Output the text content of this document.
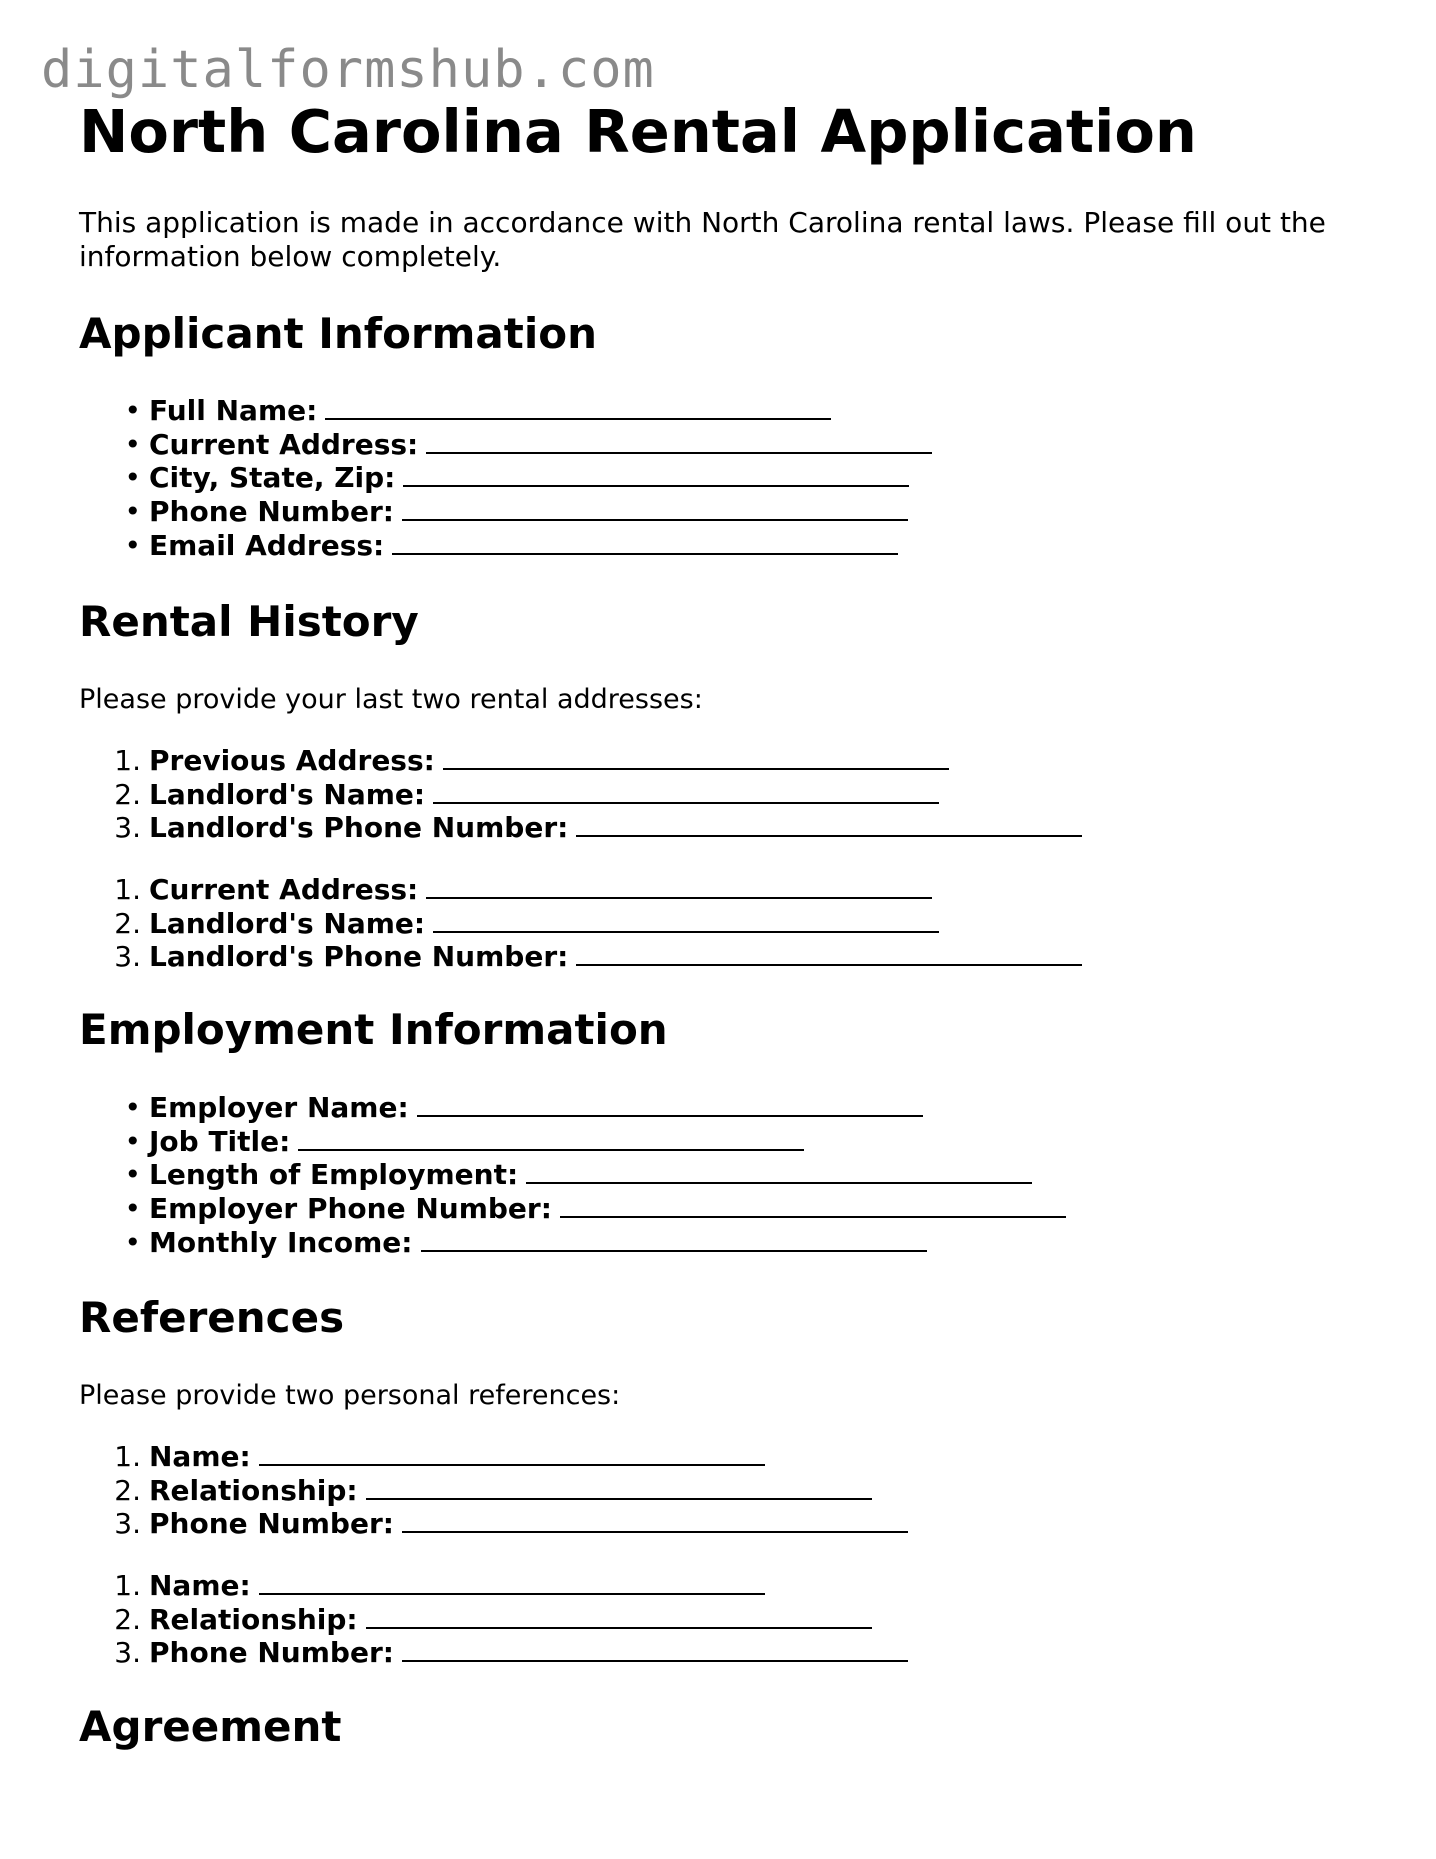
digitalformshub.com
North Carolina Rental Application

This application is made in accordance with North Carolina rental laws. Please fill out the information below completely.

Applicant Information
• Full Name:
• Current Address:
• City, State, Zip:
• Phone Number:
• Email Address:
Rental History

Please provide your last two rental addresses:

1. Previous Address:
2. Landlord's Name:
3. Landlord's Phone Number:
1. Current Address:
2. Landlord's Name:
3. Landlord's Phone Number:
Employment Information
• Employer Name:
• Job Title:
• Length of Employment:
• Employer Phone Number:
• Monthly Income:
References

Please provide two personal references:

1. Name:
2. Relationship:
3. Phone Number:
1. Name:
2. Relationship:
3. Phone Number:
Agreement
